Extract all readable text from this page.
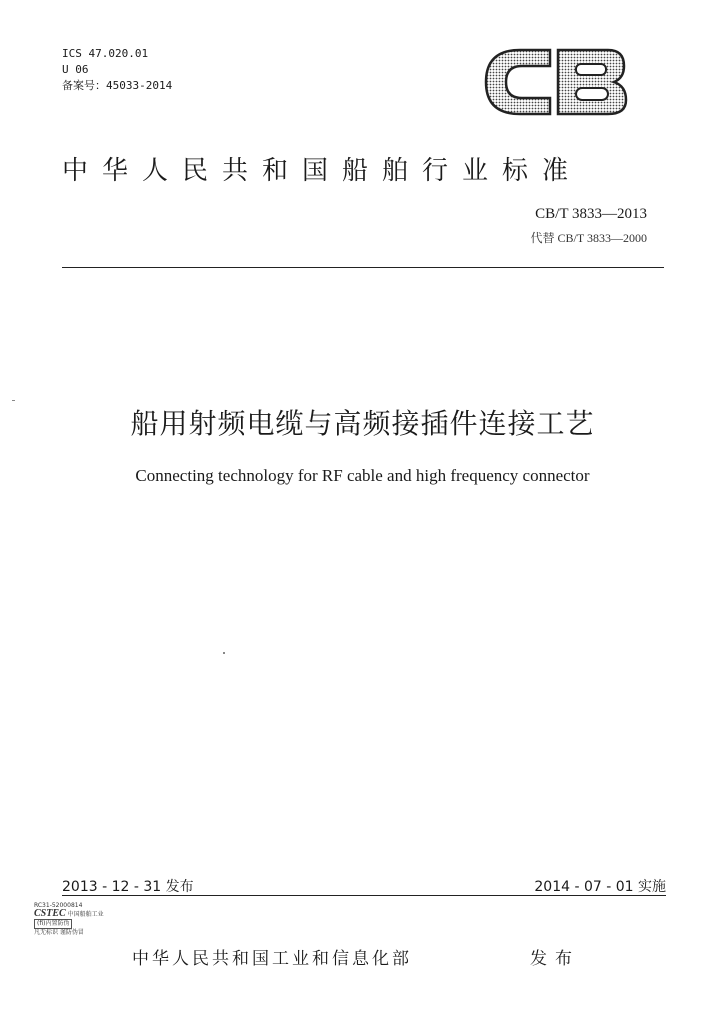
ICS 47.020.01
U 06
备案号：45033-2014
中华人民共和国船舶行业标准
CB/T 3833—2013
代替 CB/T 3833—2000
船用射频电缆与高频接插件连接工艺
Connecting technology for RF cable and high frequency connector
2013 - 12 - 31 发布	2014 - 07 - 01 实施
RC31-52000814
CSTEC 中国船舶工业
(fi)内置防伪
凡无标识 谨防伪冒
中华人民共和国工业和信息化部	发布
